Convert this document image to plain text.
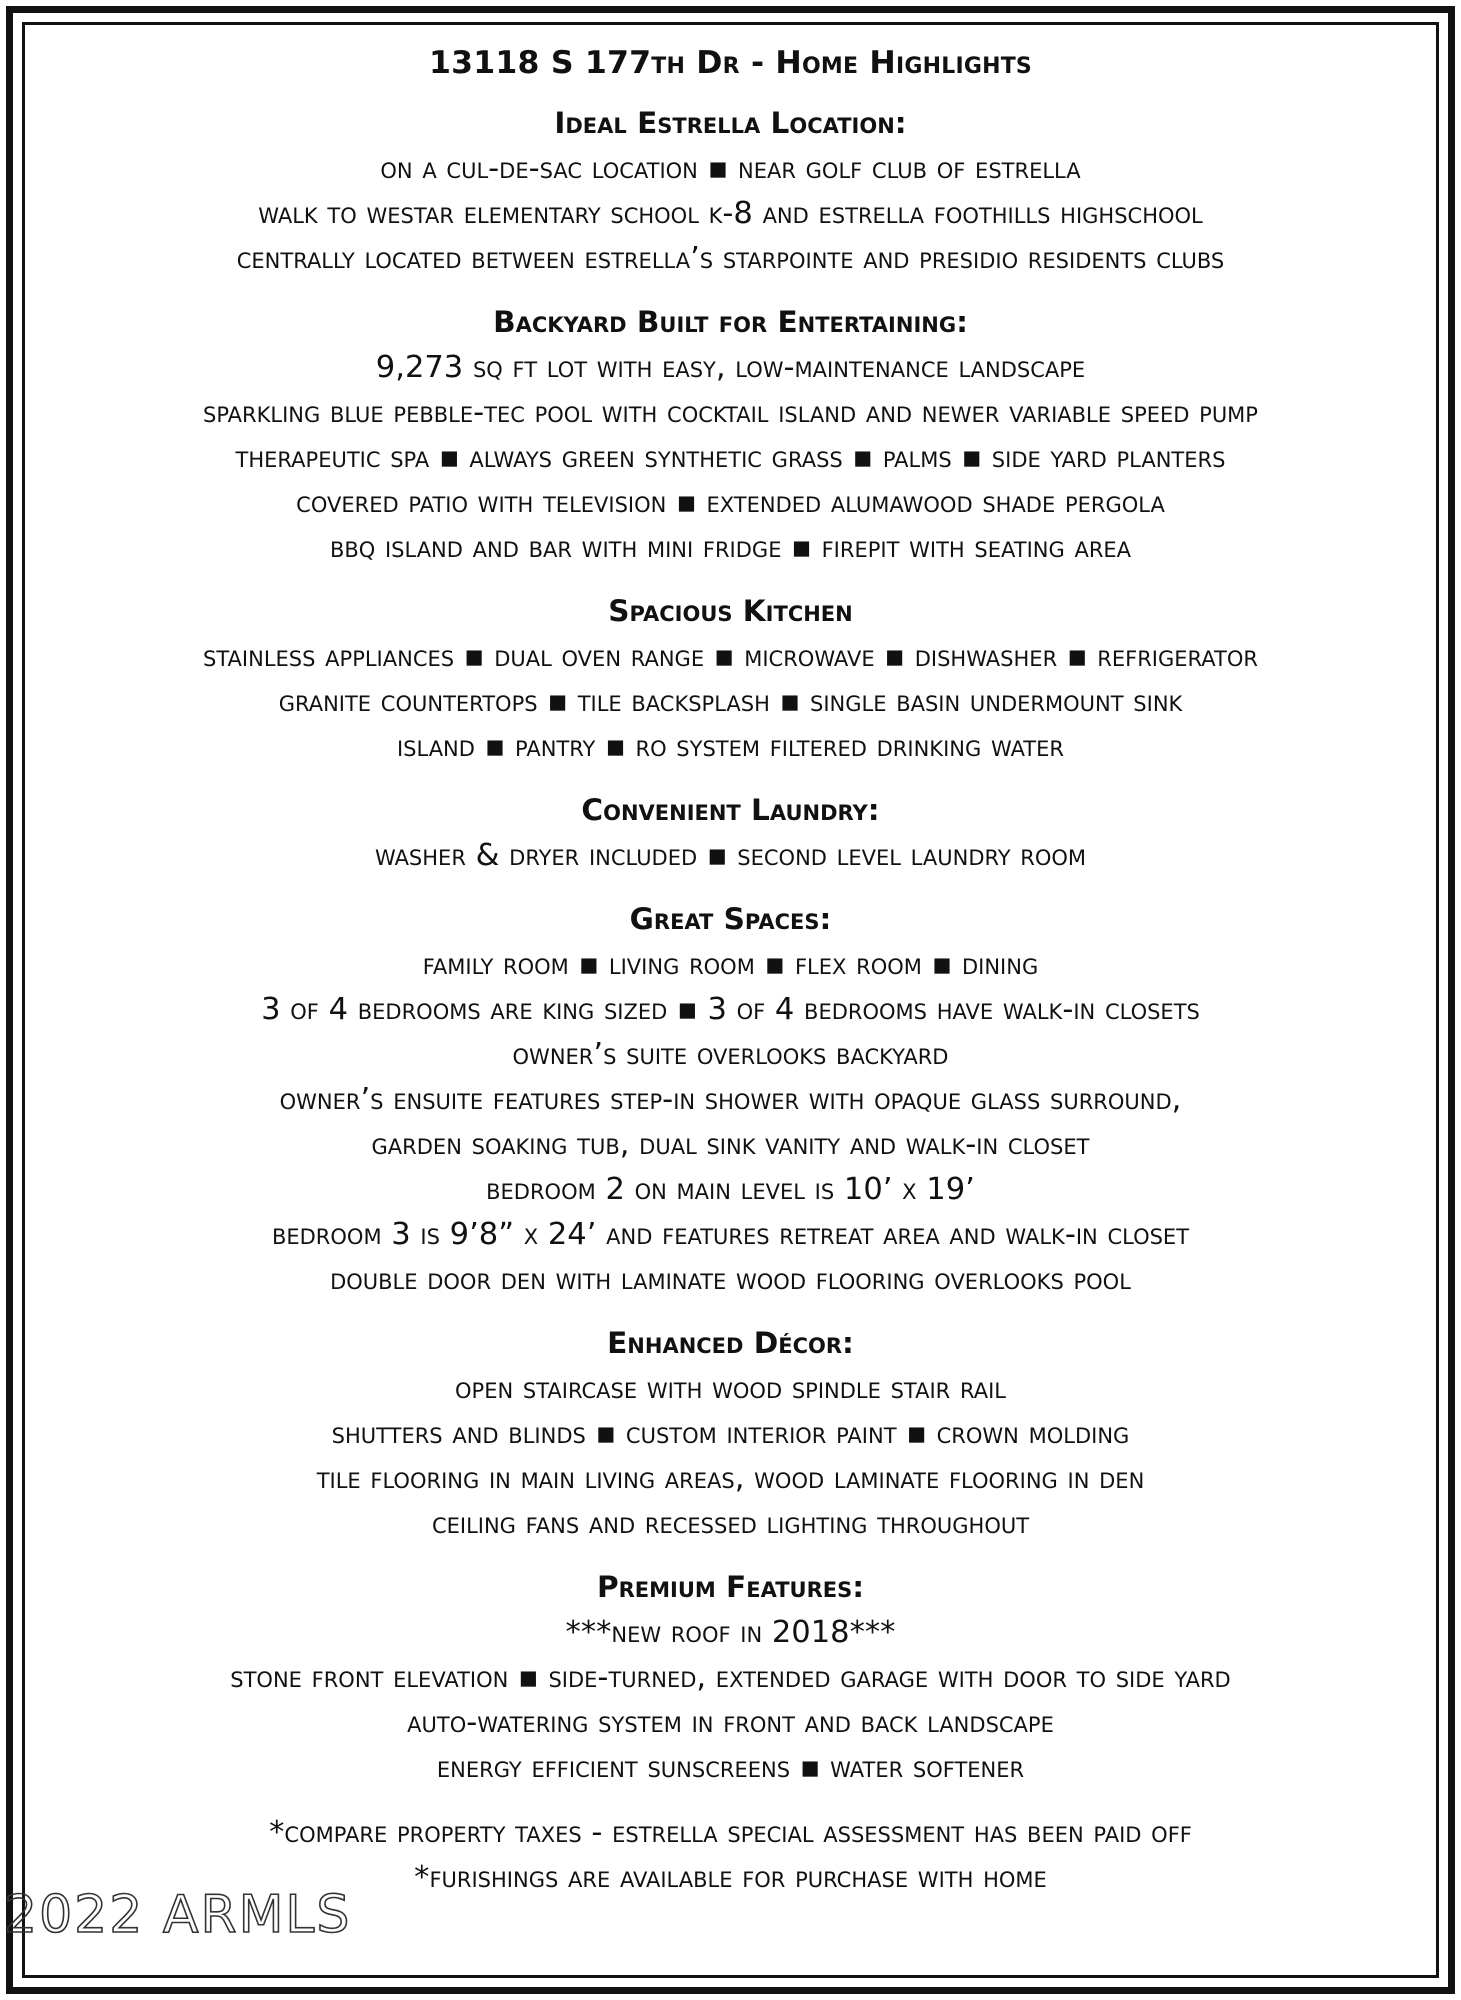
13118 S 177th Dr - Home Highlights
Ideal Estrella Location:
on a cul-de-sac location ▪ near golf club of estrella
walk to westar elementary school k-8 and estrella foothills highschool
centrally located between estrella’s starpointe and presidio residents clubs
Backyard Built for Entertaining:
9,273 sq ft lot with easy, low-maintenance landscape
sparkling blue pebble-tec pool with cocktail island and newer variable speed pump
therapeutic spa ▪ always green synthetic grass ▪ palms ▪ side yard planters
covered patio with television ▪ extended alumawood shade pergola
bbq island and bar with mini fridge ▪ firepit with seating area
Spacious Kitchen
stainless appliances ▪ dual oven range ▪ microwave ▪ dishwasher ▪ refrigerator
granite countertops ▪ tile backsplash ▪ single basin undermount sink
island ▪ pantry ▪ ro system filtered drinking water
Convenient Laundry:
washer & dryer included ▪ second level laundry room
Great Spaces:
family room ▪ living room ▪ flex room ▪ dining
3 of 4 bedrooms are king sized ▪ 3 of 4 bedrooms have walk-in closets
owner’s suite overlooks backyard
owner’s ensuite features step-in shower with opaque glass surround,
garden soaking tub, dual sink vanity and walk-in closet
bedroom 2 on main level is 10’ x 19’
bedroom 3 is 9’8” x 24’ and features retreat area and walk-in closet
double door den with laminate wood flooring overlooks pool
Enhanced Décor:
open staircase with wood spindle stair rail
shutters and blinds ▪ custom interior paint ▪ crown molding
tile flooring in main living areas, wood laminate flooring in den
ceiling fans and recessed lighting throughout
Premium Features:
***new roof in 2018***
stone front elevation ▪ side-turned, extended garage with door to side yard
auto-watering system in front and back landscape
energy efficient sunscreens ▪ water softener
*compare property taxes - estrella special assessment has been paid off
*furishings are available for purchase with home
2022 ARMLS
